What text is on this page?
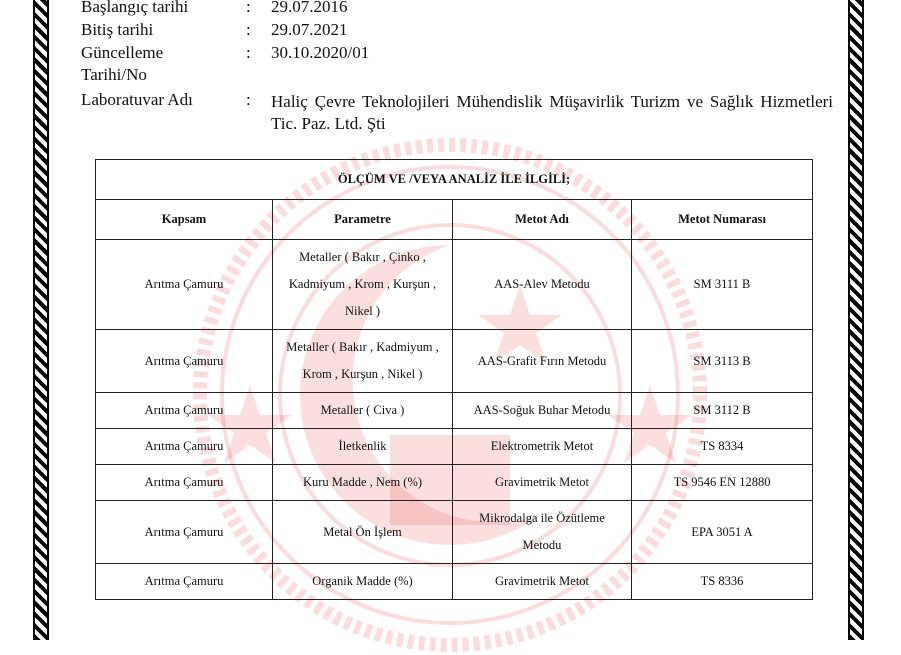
Başlangıç tarihi	: 29.07.2016
Bitiş tarihi	: 29.07.2021
Güncelleme	: 30.10.2020/01
Tarihi/No
Laboratuvar Adı	: Haliç Çevre Teknolojileri Mühendislik Müşavirlik Turizm ve Sağlık Hizmetleri Tic. Paz. Ltd. Şti
ÖLÇÜM VE /VEYA ANALİZ İLE İLGİLİ;			
Kapsam	Parametre	Metot Adı	Metot Numarası
Arıtma Çamuru	Metaller ( Bakır , Çinko , Kadmiyum , Krom , Kurşun , Nikel )	AAS-Alev Metodu	SM 3111 B
Arıtma Çamuru	Metaller ( Bakır , Kadmiyum , Krom , Kurşun , Nikel )	AAS-Grafit Fırın Metodu	SM 3113 B
Arıtma Çamuru	Metaller ( Civa )	AAS-Soğuk Buhar Metodu	SM 3112 B
Arıtma Çamuru	İletkenlik	Elektrometrik Metot	TS 8334
Arıtma Çamuru	Kuru Madde , Nem (%)	Gravimetrik Metot	TS 9546 EN 12880
Arıtma Çamuru	Metal Ön İşlem	Mikrodalga ile Özütleme Metodu	EPA 3051 A
Arıtma Çamuru	Organik Madde (%)	Gravimetrik Metot	TS 8336
